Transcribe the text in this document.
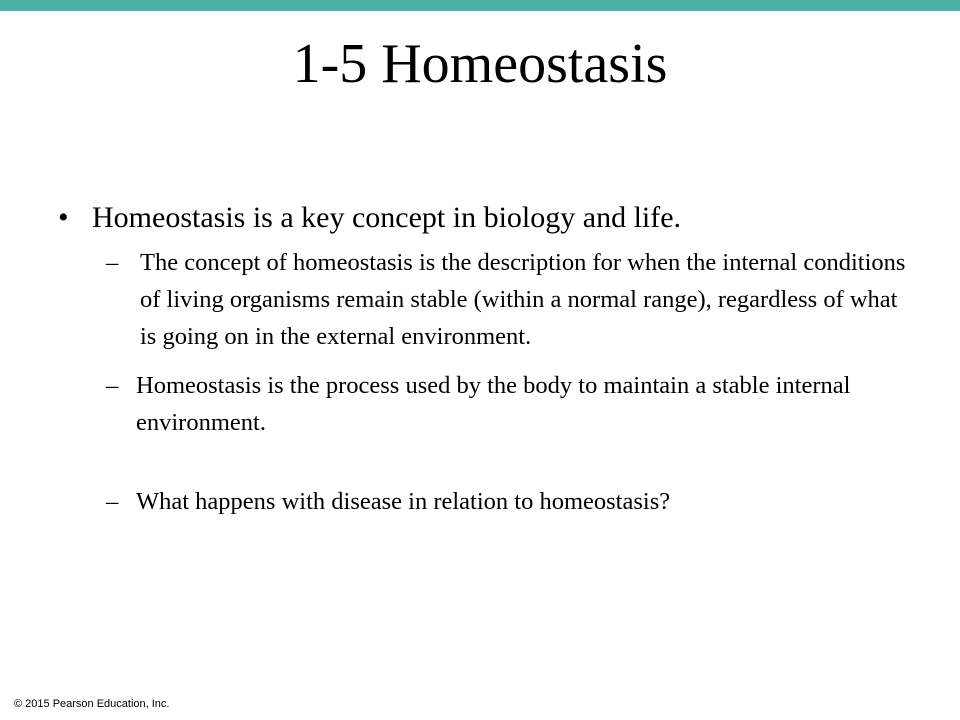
1-5 Homeostasis
• Homeostasis is a key concept in biology and life.
– The concept of homeostasis is the description for when the internal conditions of living organisms remain stable (within a normal range), regardless of what is going on in the external environment.
– Homeostasis is the process used by the body to maintain a stable internal environment.
– What happens with disease in relation to homeostasis?
© 2015 Pearson Education, Inc.
